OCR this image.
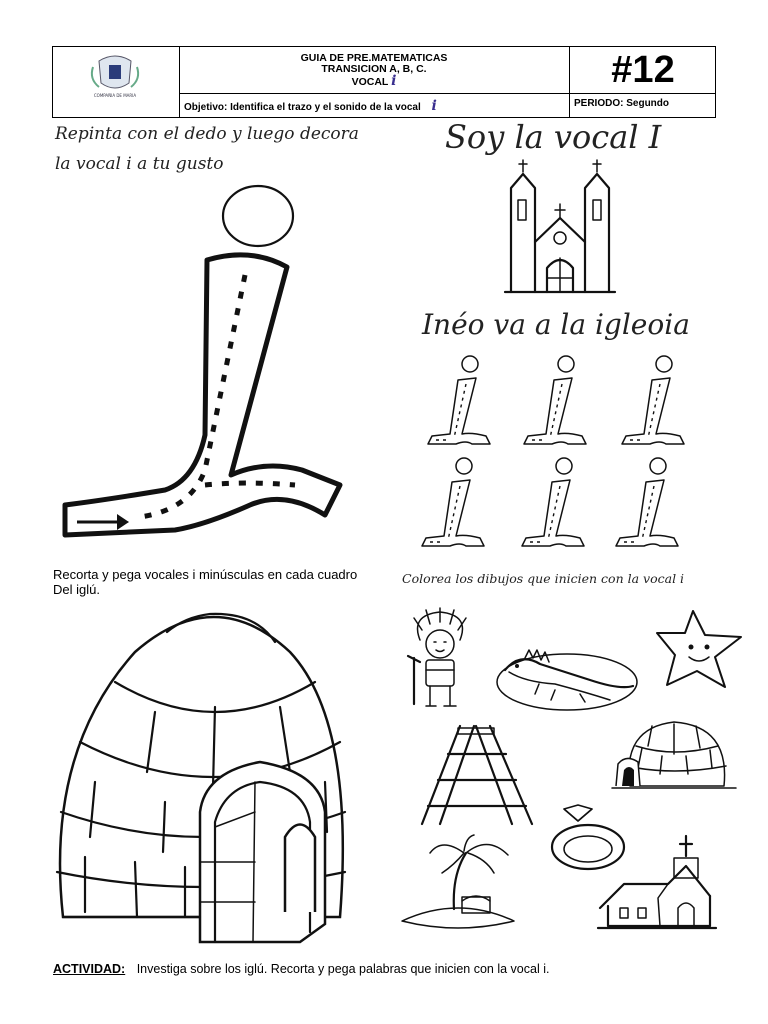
COMPAÑIA DE MARIA
GUIA DE PRE.MATEMATICAS
TRANSICION A, B, C.
VOCAL i	#12
Objetivo: Identifica el trazo y el sonido de la vocal i	PERIODO: Segundo
Repinta con el dedo y luego decora
la vocal i a tu gusto
Soy la vocal I
Inéo va a la igleoia
Recorta y pega vocales i minúsculas en cada cuadro
Del iglú.
Colorea los dibujos que inicien con la vocal i
ACTIVIDAD: Investiga sobre los iglú. Recorta y pega palabras que inicien con la vocal i.
